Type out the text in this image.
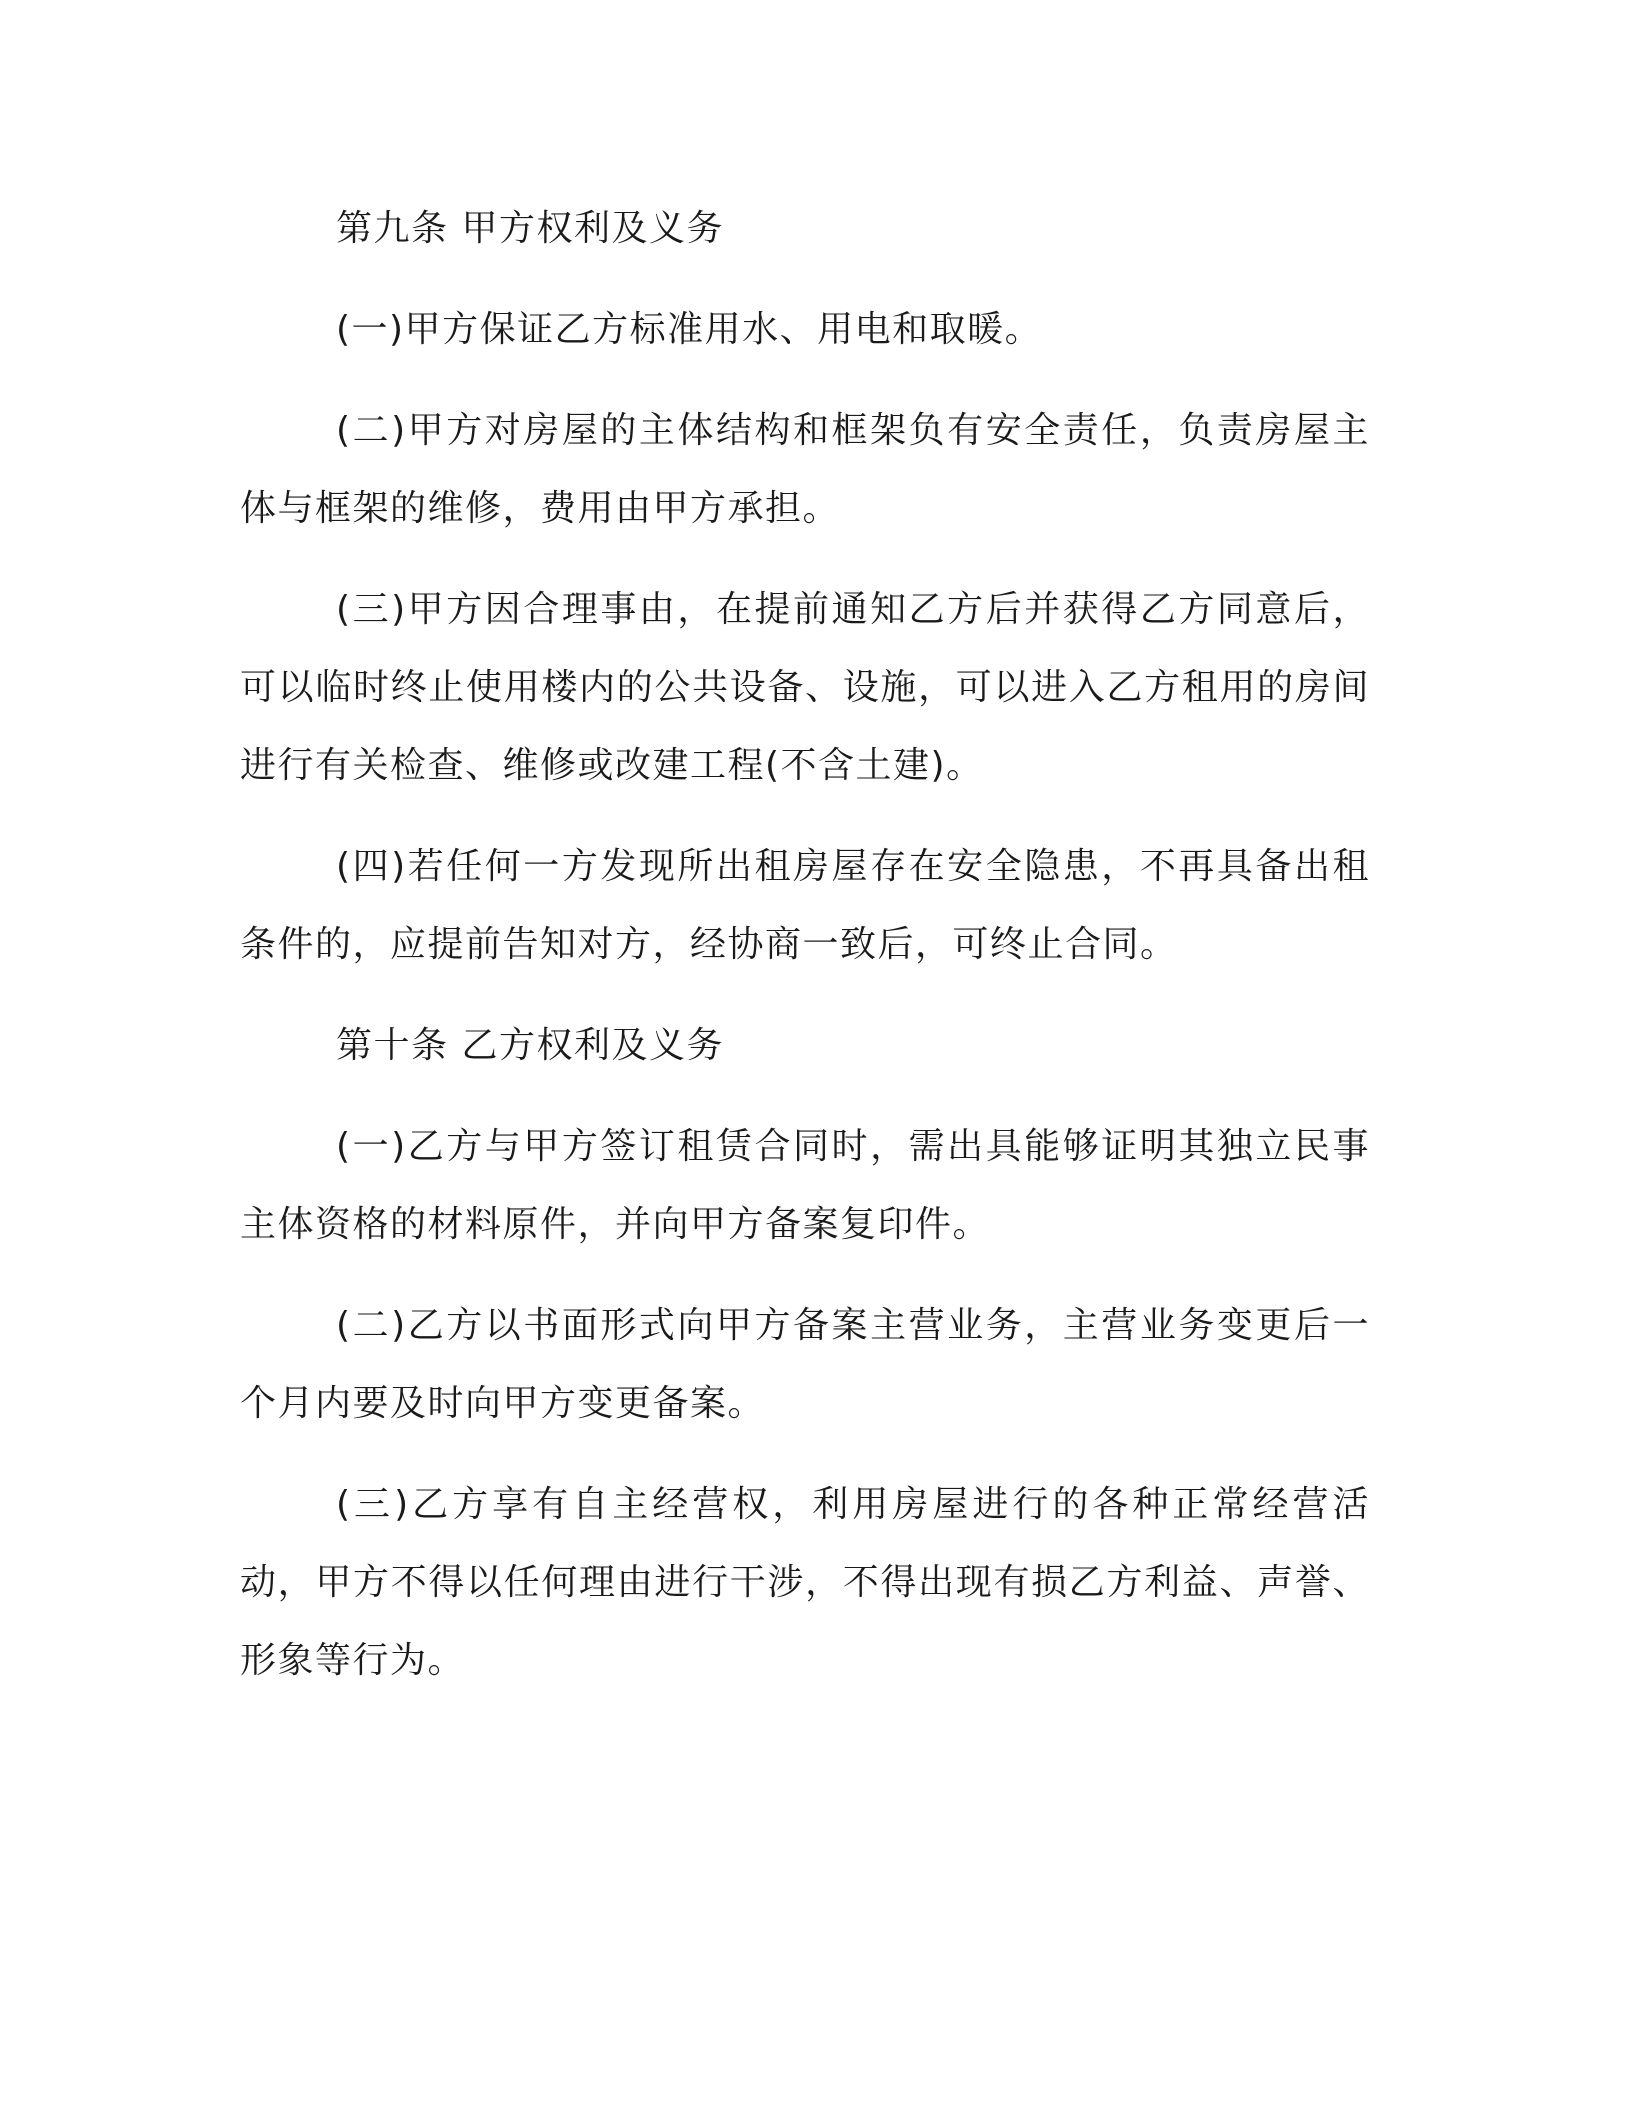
第九条 甲方权利及义务

(一)甲方保证乙方标准用水、用电和取暖。

(二)甲方对房屋的主体结构和框架负有安全责任，负责房屋主体与框架的维修，费用由甲方承担。

(三)甲方因合理事由，在提前通知乙方后并获得乙方同意后，可以临时终止使用楼内的公共设备、设施，可以进入乙方租用的房间进行有关检查、维修或改建工程(不含土建)。

(四)若任何一方发现所出租房屋存在安全隐患，不再具备出租条件的，应提前告知对方，经协商一致后，可终止合同。

第十条 乙方权利及义务

(一)乙方与甲方签订租赁合同时，需出具能够证明其独立民事主体资格的材料原件，并向甲方备案复印件。

(二)乙方以书面形式向甲方备案主营业务，主营业务变更后一个月内要及时向甲方变更备案。

(三)乙方享有自主经营权，利用房屋进行的各种正常经营活动，甲方不得以任何理由进行干涉，不得出现有损乙方利益、声誉、形象等行为。
